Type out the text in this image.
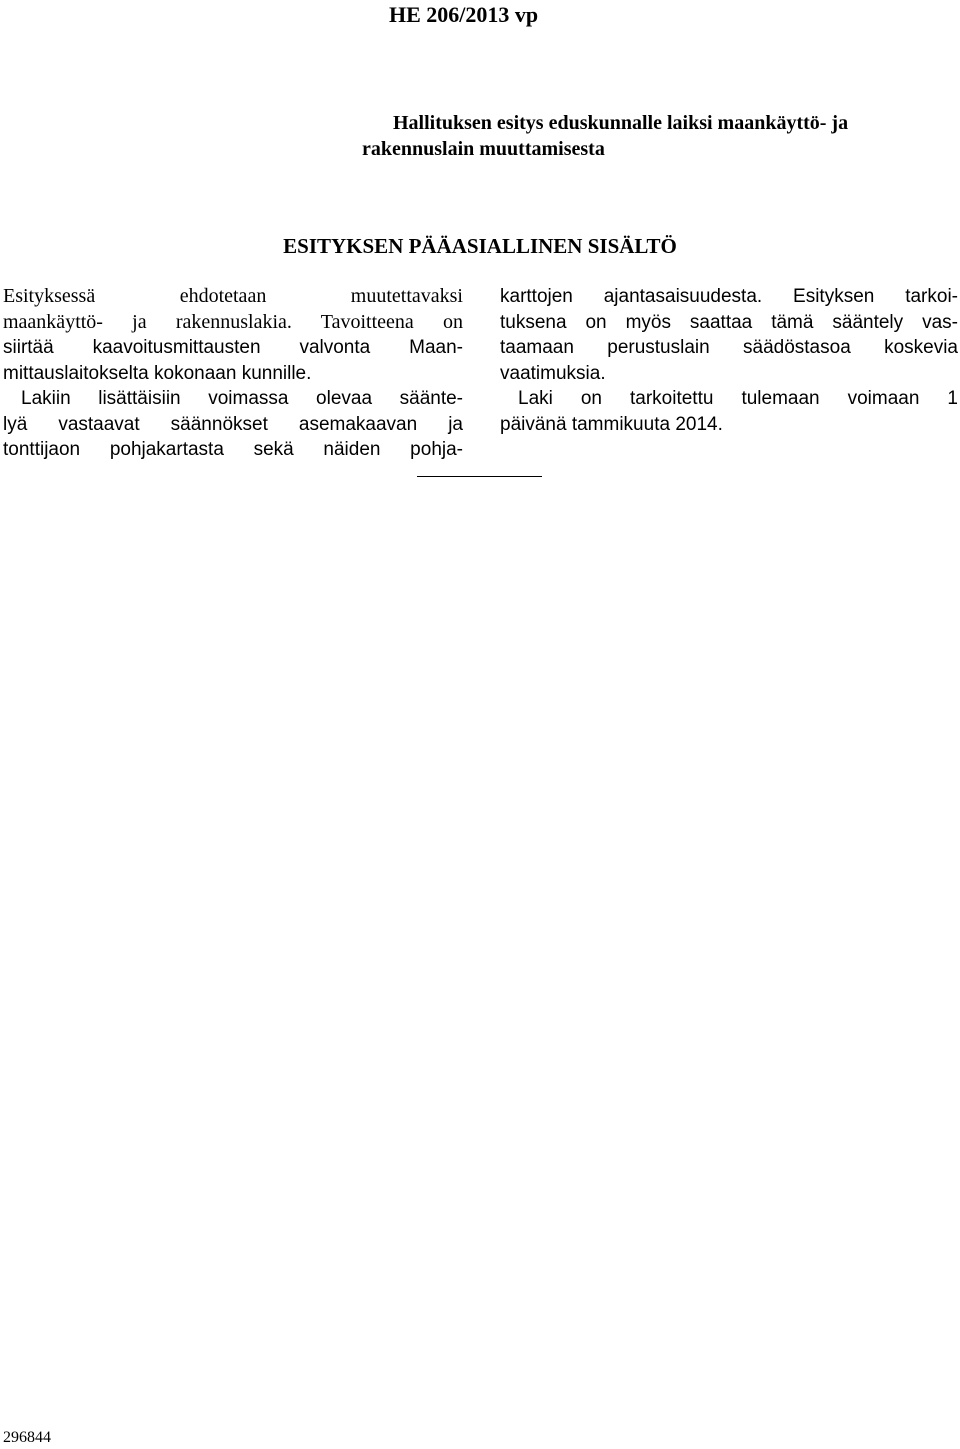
HE 206/2013 vp
Hallituksen esitys eduskunnalle laiksi maankäyttö- ja
rakennuslain muuttamisesta
ESITYKSEN PÄÄASIALLINEN SISÄLTÖ
Esityksessä ehdotetaan muutettavaksi
maankäyttö- ja rakennuslakia. Tavoitteena on
siirtää kaavoitusmittausten valvonta Maan-
mittauslaitokselta kokonaan kunnille.
Lakiin lisättäisiin voimassa olevaa säänte-
lyä vastaavat säännökset asemakaavan ja
tonttijaon pohjakartasta sekä näiden pohja-
karttojen ajantasaisuudesta. Esityksen tarkoi-
tuksena on myös saattaa tämä sääntely vas-
taamaan perustuslain säädöstasoa koskevia
vaatimuksia.
Laki on tarkoitettu tulemaan voimaan 1
päivänä tammikuuta 2014.
296844
